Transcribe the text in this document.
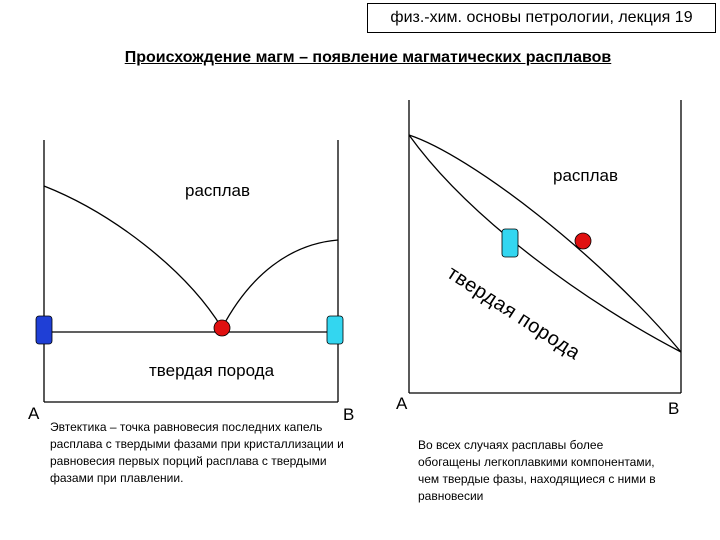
физ.-хим. основы петрологии, лекция 19
Происхождение магм – появление магматических расплавов
расплав
твердая порода
A	B
Эвтектика – точка равновесия последних капель расплава с твердыми фазами при кристаллизации и равновесия первых порций расплава с твердыми фазами при плавлении.
расплав
твердая порода
A	B
Во всех случаях расплавы более обогащены легкоплавкими компонентами, чем твердые фазы, находящиеся с ними в равновесии
